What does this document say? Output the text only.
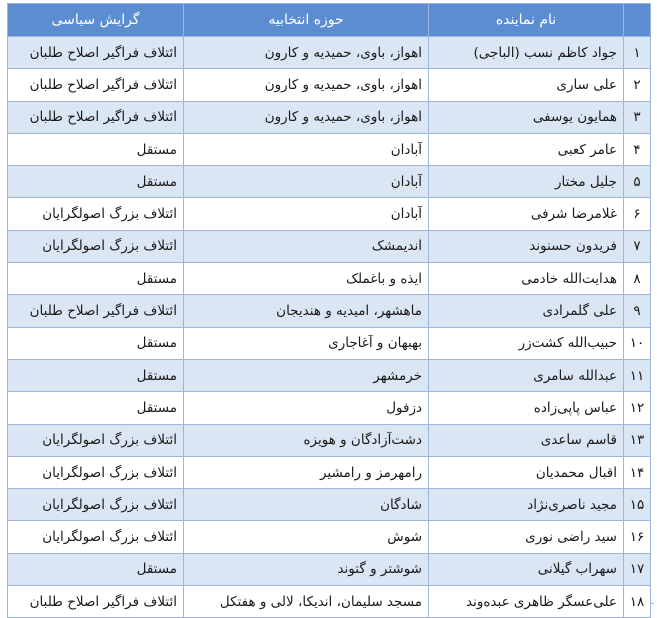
	نام نماینده	حوزه انتخابیه	گرایش سیاسی
۱	جواد کاظم نسب (الباجی)	اهواز، باوی، حمیدیه و کارون	ائتلاف فراگیر اصلاح طلبان
۲	علی ساری	اهواز، باوی، حمیدیه و کارون	ائتلاف فراگیر اصلاح طلبان
۳	همایون یوسفی	اهواز، باوی، حمیدیه و کارون	ائتلاف فراگیر اصلاح طلبان
۴	عامر کعبی	آبادان	مستقل
۵	جلیل مختار	آبادان	مستقل
۶	غلامرضا شرفی	آبادان	ائتلاف بزرگ اصولگرایان
۷	فریدون حسنوند	اندیمشک	ائتلاف بزرگ اصولگرایان
۸	هدایت‌الله خادمی	ایذه و باغملک	مستقل
۹	علی گلمرادی	ماهشهر، امیدیه و هندیجان	ائتلاف فراگیر اصلاح طلبان
۱۰	حبیب‌الله کشت‌زر	بهبهان و آغاجاری	مستقل
۱۱	عبدالله سامری	خرمشهر	مستقل
۱۲	عباس پاپی‌زاده	دزفول	مستقل
۱۳	قاسم ساعدی	دشت‌آزادگان و هویزه	ائتلاف بزرگ اصولگرایان
۱۴	اقبال محمدیان	رامهرمز و رامشیر	ائتلاف بزرگ اصولگرایان
۱۵	مجید ناصری‌نژاد	شادگان	ائتلاف بزرگ اصولگرایان
۱۶	سید راضی نوری	شوش	ائتلاف بزرگ اصولگرایان
۱۷	سهراب گیلانی	شوشتر و گتوند	مستقل
۱۸	علی‌عسگر ظاهری عبده‌وند	مسجد سلیمان، اندیکا، لالی و هفتکل	ائتلاف فراگیر اصلاح طلبان
